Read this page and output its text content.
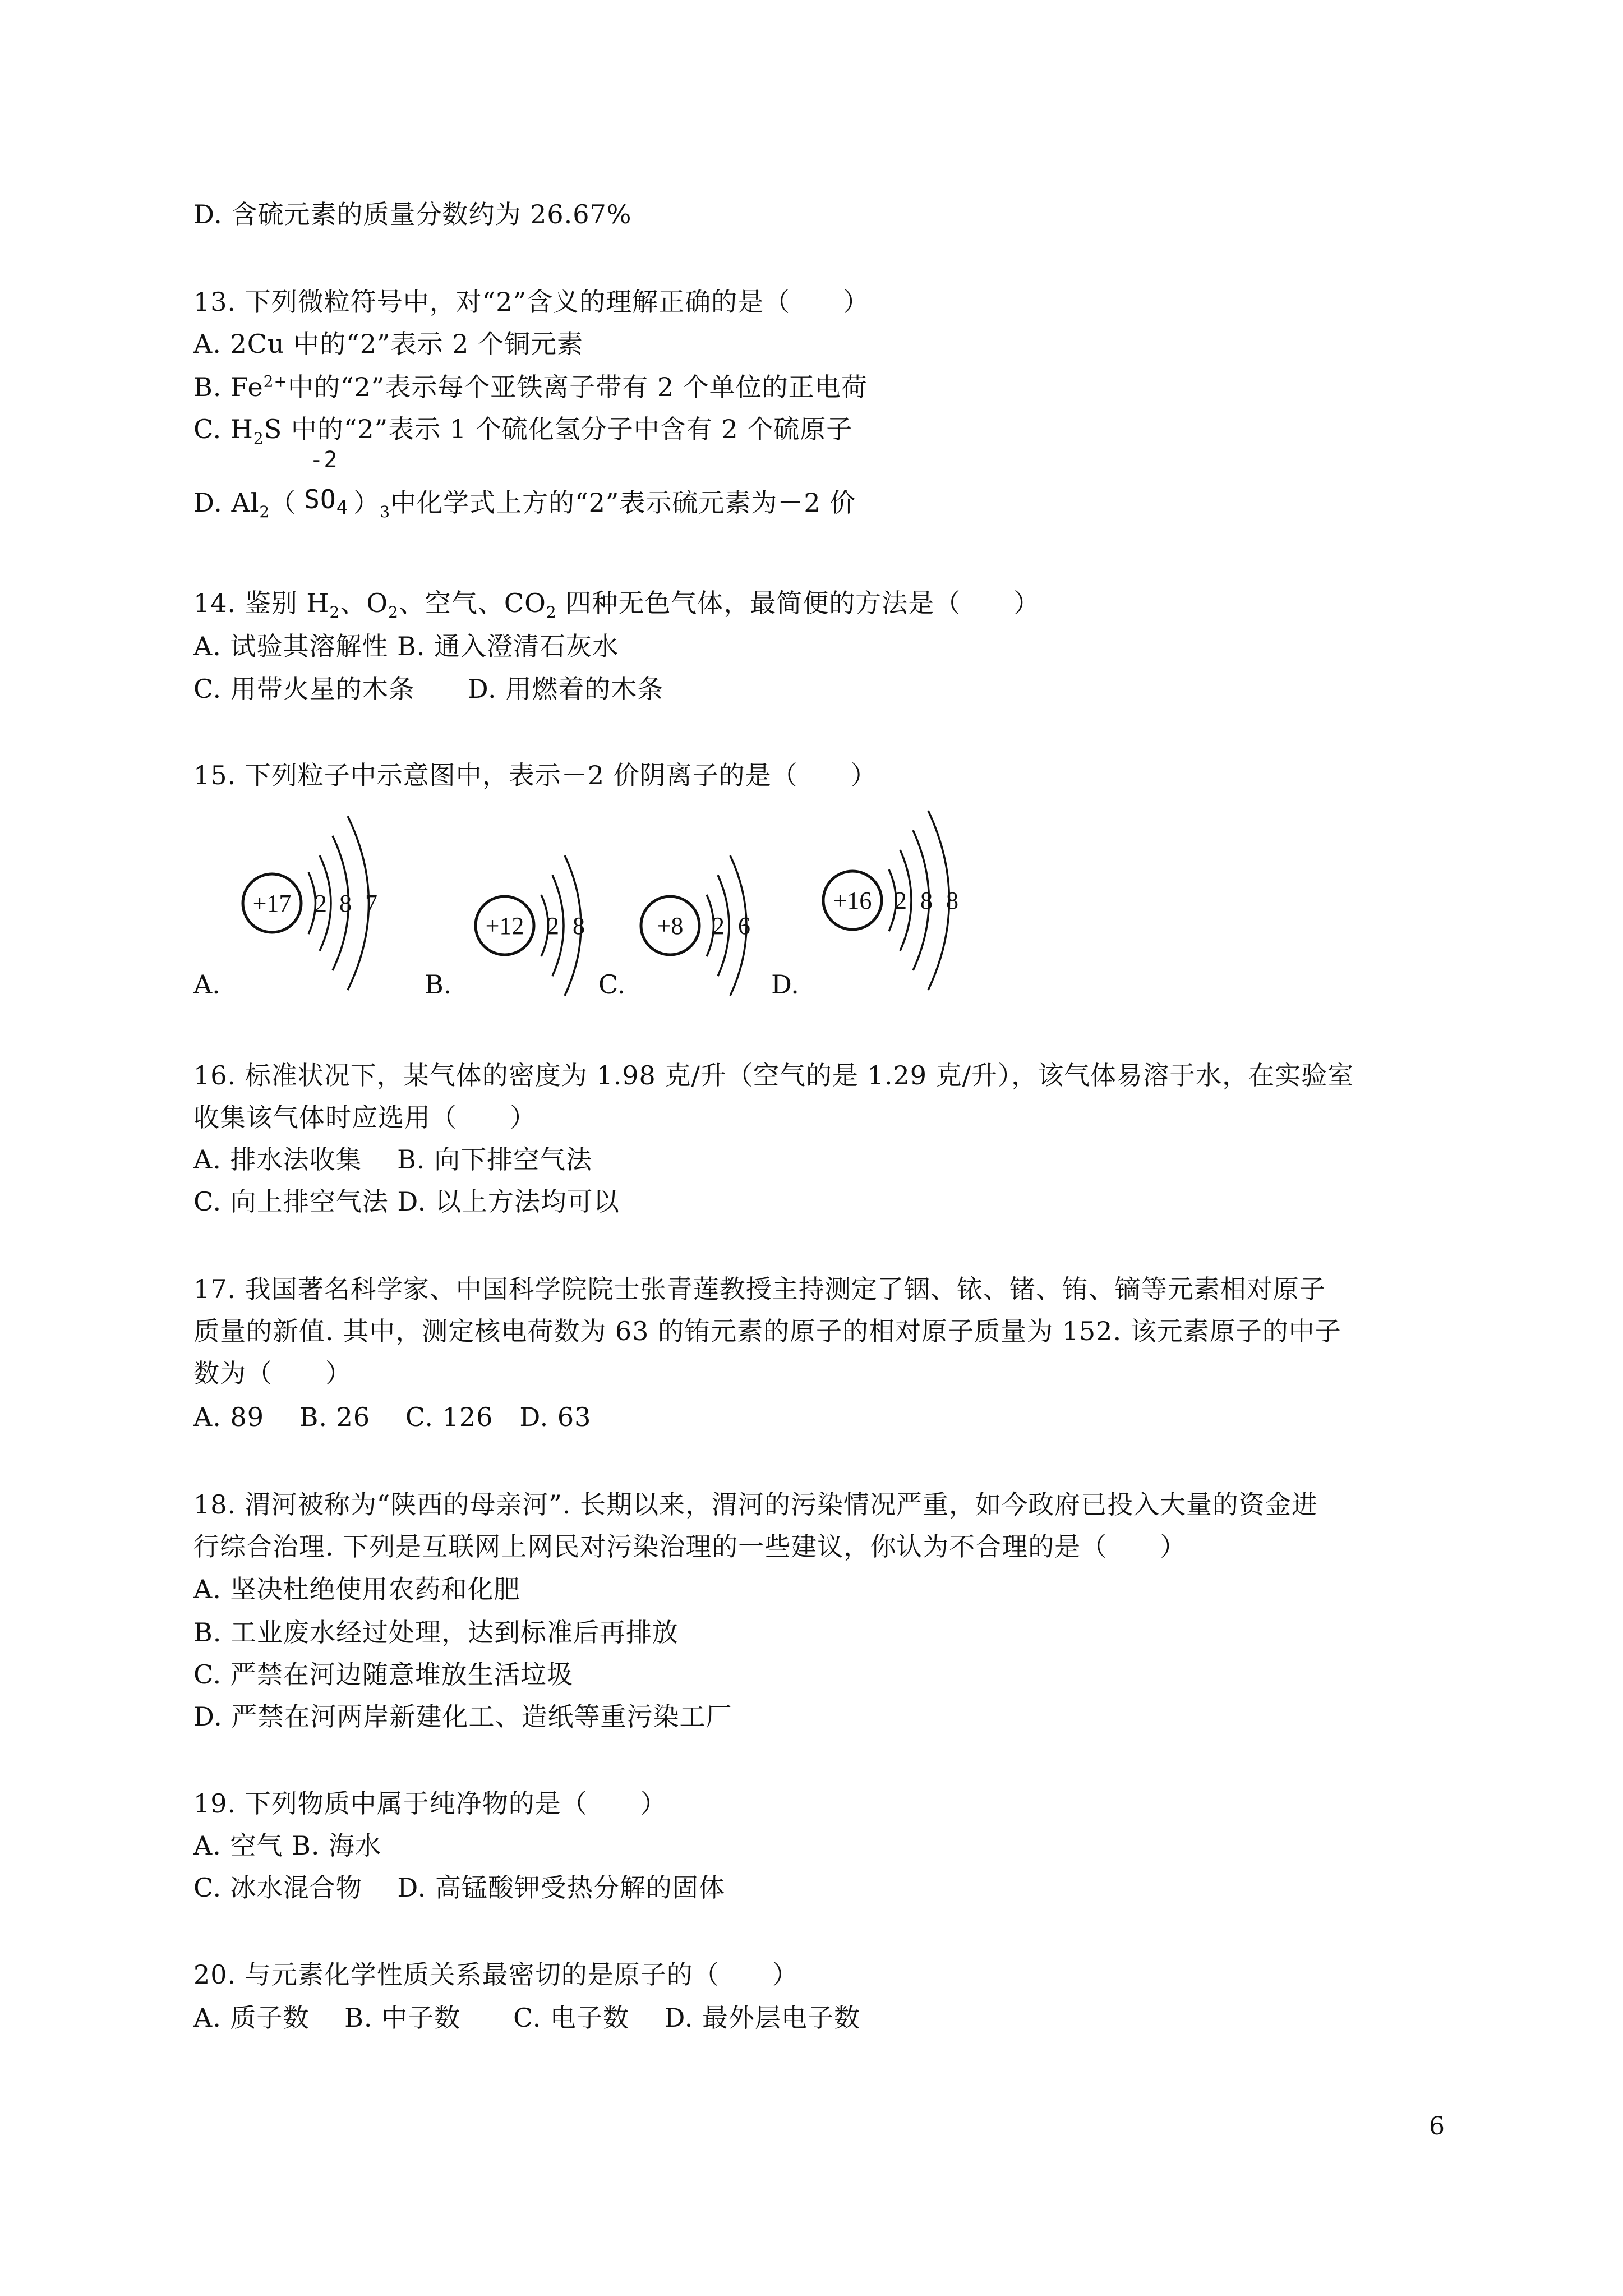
D. 含硫元素的质量分数约为 26.67%
13. 下列微粒符号中，对“2”含义的理解正确的是（　　）
A. 2Cu 中的“2”表示 2 个铜元素
B. $Fe^{2+}$中的“2”表示每个亚铁离子带有 2 个单位的正电荷
C. $H_2S$ 中的“2”表示 1 个硫化氢分子中含有 2 个硫原子
D. $Al_2$（
-2
$SO_4$ ）$_3$中化学式上方的“2”表示硫元素为－2 价
14. 鉴别 $H_2$、$O_2$、空气、$CO_2$ 四种无色气体，最简便的方法是（　　）
A. 试验其溶解性 B. 通入澄清石灰水
C. 用带火星的木条　　D. 用燃着的木条
15. 下列粒子中示意图中，表示－2 价阴离子的是（　　）
+17 2 8 7
+12 2 8	+8 2 6
+16 2 8 8
A.	B.	C.	D.
16. 标准状况下，某气体的密度为 1.98 克/升（空气的是 1.29 克/升），该气体易溶于水，在实验室
收集该气体时应选用（　　）
A. 排水法收集　 B. 向下排空气法
C. 向上排空气法 D. 以上方法均可以
17. 我国著名科学家、中国科学院院士张青莲教授主持测定了铟、铱、锗、铕、镝等元素相对原子
质量的新值. 其中，测定核电荷数为 63 的铕元素的原子的相对原子质量为 152. 该元素原子的中子
数为（　　）
A. 89　 B. 26　 C. 126　D. 63
18. 渭河被称为“陕西的母亲河”. 长期以来，渭河的污染情况严重，如今政府已投入大量的资金进
行综合治理. 下列是互联网上网民对污染治理的一些建议，你认为不合理的是（　　）
A. 坚决杜绝使用农药和化肥
B. 工业废水经过处理，达到标准后再排放
C. 严禁在河边随意堆放生活垃圾
D. 严禁在河两岸新建化工、造纸等重污染工厂
19. 下列物质中属于纯净物的是（　　）
A. 空气 B. 海水
C. 冰水混合物　 D. 高锰酸钾受热分解的固体
20. 与元素化学性质关系最密切的是原子的（　　）
A. 质子数　 B. 中子数　　C. 电子数　 D. 最外层电子数
6
